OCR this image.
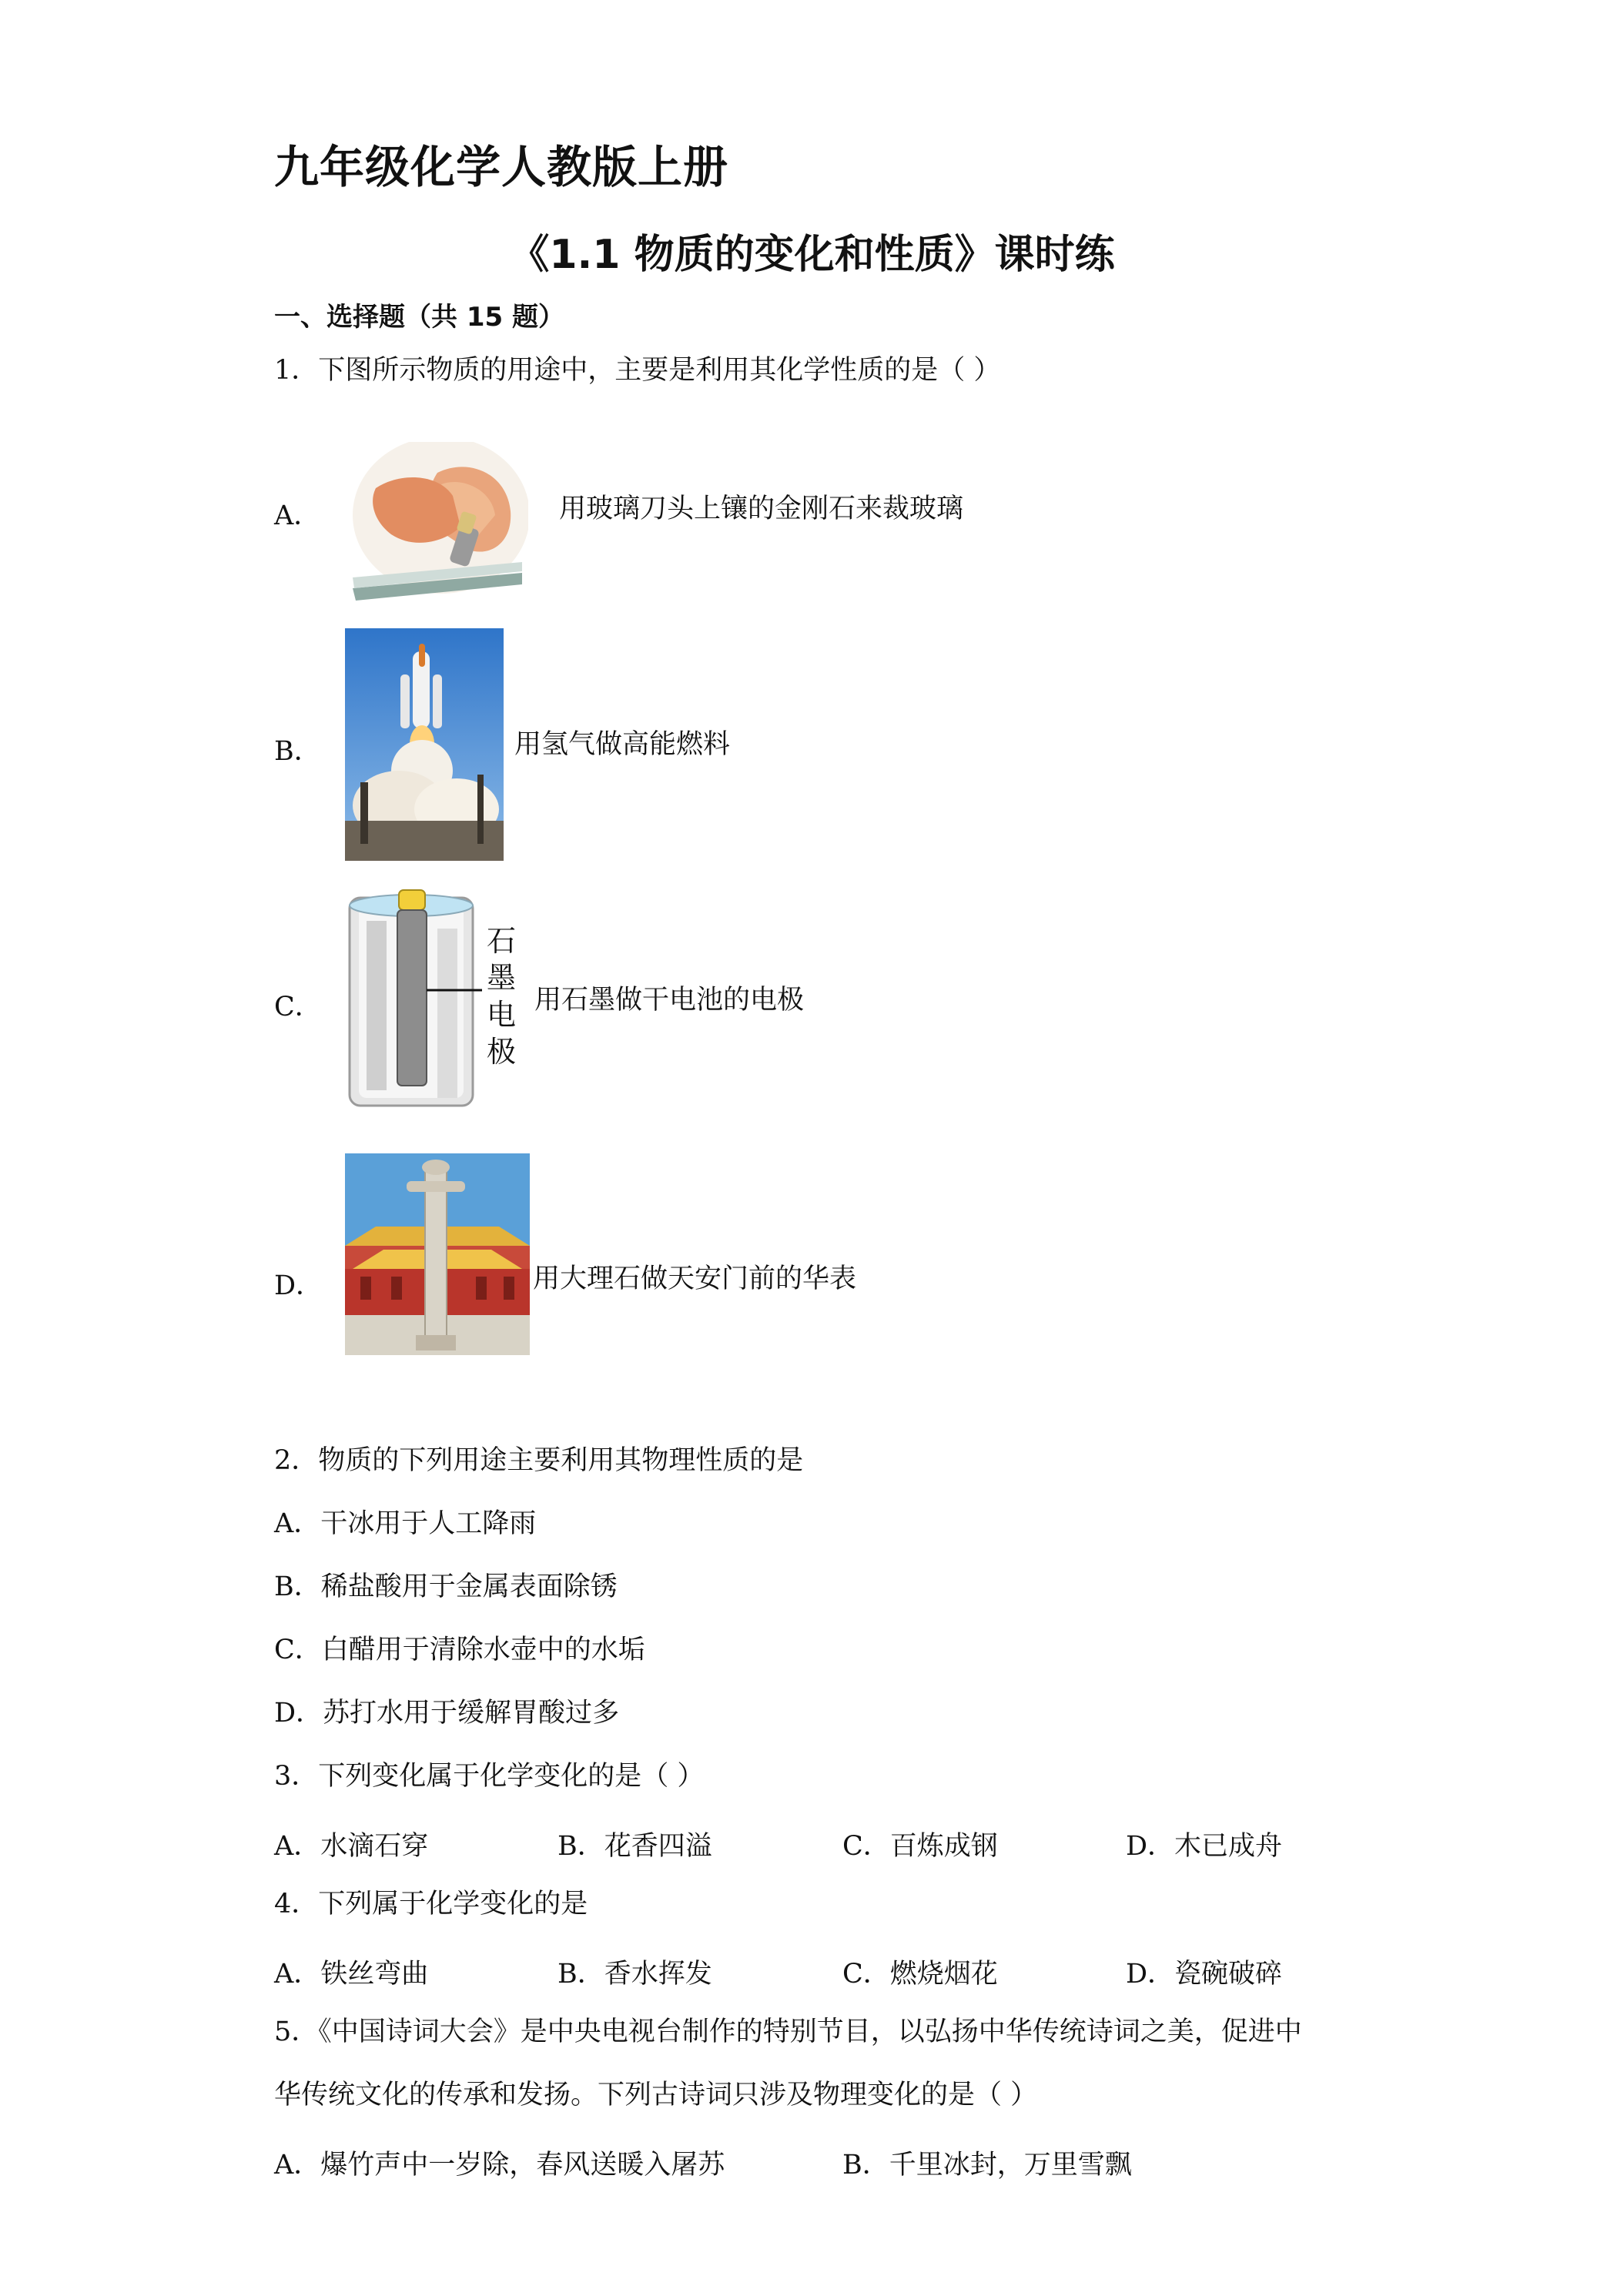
九年级化学人教版上册
《1.1 物质的变化和性质》课时练
一、选择题（共 15 题）
1．下图所示物质的用途中，主要是利用其化学性质的是（ ）
A．	用玻璃刀头上镶的金刚石来裁玻璃
B．	用氢气做高能燃料
C．
石
墨
电
极
用石墨做干电池的电极
D．	用大理石做天安门前的华表
2．物质的下列用途主要利用其物理性质的是
A．干冰用于人工降雨
B．稀盐酸用于金属表面除锈
C．白醋用于清除水壶中的水垢
D．苏打水用于缓解胃酸过多
3．下列变化属于化学变化的是（ ）
A．水滴石穿	B．花香四溢	C．百炼成钢	D．木已成舟
4．下列属于化学变化的是
A．铁丝弯曲	B．香水挥发	C．燃烧烟花	D．瓷碗破碎
5．《中国诗词大会》是中央电视台制作的特别节目，以弘扬中华传统诗词之美，促进中
华传统文化的传承和发扬。下列古诗词只涉及物理变化的是（ ）
A．爆竹声中一岁除，春风送暖入屠苏	B．千里冰封，万里雪飘
